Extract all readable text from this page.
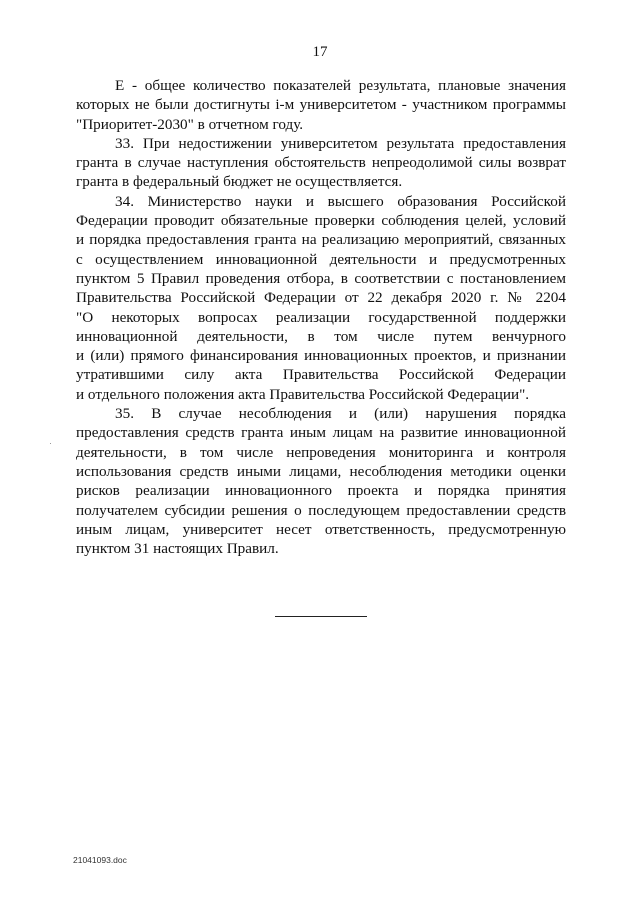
17
E - общее количество показателей результата, плановые значения
которых не были достигнуты i-м университетом - участником программы
"Приоритет-2030" в отчетном году.
33. При недостижении университетом результата предоставления
гранта в случае наступления обстоятельств непреодолимой силы возврат
гранта в федеральный бюджет не осуществляется.
34. Министерство науки и высшего образования Российской
Федерации проводит обязательные проверки соблюдения целей, условий
и порядка предоставления гранта на реализацию мероприятий, связанных
с осуществлением инновационной деятельности и предусмотренных
пунктом 5 Правил проведения отбора, в соответствии с постановлением
Правительства Российской Федерации от 22 декабря 2020 г. № 2204
"О некоторых вопросах реализации государственной поддержки
инновационной деятельности, в том числе путем венчурного
и (или) прямого финансирования инновационных проектов, и признании
утратившими силу акта Правительства Российской Федерации
и отдельного положения акта Правительства Российской Федерации".
35. В случае несоблюдения и (или) нарушения порядка
предоставления средств гранта иным лицам на развитие инновационной
деятельности, в том числе непроведения мониторинга и контроля
использования средств иными лицами, несоблюдения методики оценки
рисков реализации инновационного проекта и порядка принятия
получателем субсидии решения о последующем предоставлении средств
иным лицам, университет несет ответственность, предусмотренную
пунктом 31 настоящих Правил.
21041093.doc
